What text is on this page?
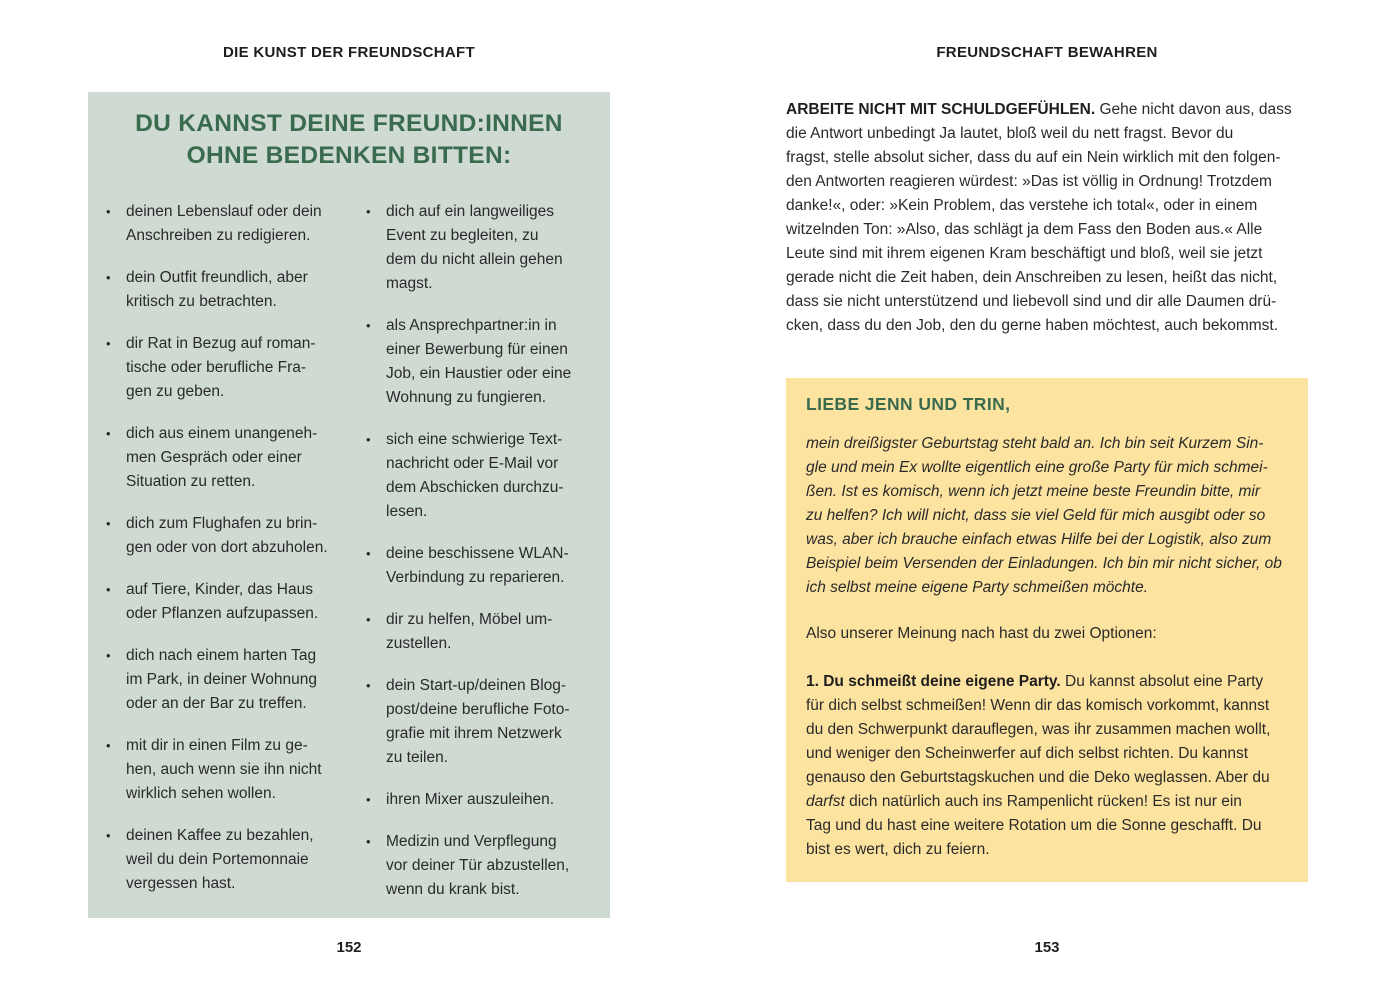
DIE KUNST DER FREUNDSCHAFT	FREUNDSCHAFT BEWAHREN
DU KANNST DEINE FREUND:INNEN
OHNE BEDENKEN BITTEN:
• deinen Lebenslauf oder dein
Anschreiben zu redigieren.
• dein Outfit freundlich, aber
kritisch zu betrachten.
• dir Rat in Bezug auf roman-
tische oder berufliche Fra-
gen zu geben.
• dich aus einem unangeneh-
men Gespräch oder einer
Situation zu retten.
• dich zum Flughafen zu brin-
gen oder von dort abzuholen.
• auf Tiere, Kinder, das Haus
oder Pflanzen aufzupassen.
• dich nach einem harten Tag
im Park, in deiner Wohnung
oder an der Bar zu treffen.
• mit dir in einen Film zu ge-
hen, auch wenn sie ihn nicht
wirklich sehen wollen.
• deinen Kaffee zu bezahlen,
weil du dein Portemonnaie
vergessen hast.
• dich auf ein langweiliges
Event zu begleiten, zu
dem du nicht allein gehen
magst.
• als Ansprechpartner:in in
einer Bewerbung für einen
Job, ein Haustier oder eine
Wohnung zu fungieren.
• sich eine schwierige Text-
nachricht oder E-Mail vor
dem Abschicken durchzu-
lesen.
• deine beschissene WLAN-
Verbindung zu reparieren.
• dir zu helfen, Möbel um-
zustellen.
• dein Start-up/deinen Blog-
post/deine berufliche Foto-
grafie mit ihrem Netzwerk
zu teilen.
• ihren Mixer auszuleihen.
• Medizin und Verpflegung
vor deiner Tür abzustellen,
wenn du krank bist.

ARBEITE NICHT MIT SCHULDGEFÜHLEN. Gehe nicht davon aus, dass
die Antwort unbedingt Ja lautet, bloß weil du nett fragst. Bevor du
fragst, stelle absolut sicher, dass du auf ein Nein wirklich mit den folgen-
den Antworten reagieren würdest: »Das ist völlig in Ordnung! Trotzdem
danke!«, oder: »Kein Problem, das verstehe ich total«, oder in einem
witzelnden Ton: »Also, das schlägt ja dem Fass den Boden aus.« Alle
Leute sind mit ihrem eigenen Kram beschäftigt und bloß, weil sie jetzt
gerade nicht die Zeit haben, dein Anschreiben zu lesen, heißt das nicht,
dass sie nicht unterstützend und liebevoll sind und dir alle Daumen drü-
cken, dass du den Job, den du gerne haben möchtest, auch bekommst.

LIEBE JENN UND TRIN,

mein dreißigster Geburtstag steht bald an. Ich bin seit Kurzem Sin-
gle und mein Ex wollte eigentlich eine große Party für mich schmei-
ßen. Ist es komisch, wenn ich jetzt meine beste Freundin bitte, mir
zu helfen? Ich will nicht, dass sie viel Geld für mich ausgibt oder so
was, aber ich brauche einfach etwas Hilfe bei der Logistik, also zum
Beispiel beim Versenden der Einladungen. Ich bin mir nicht sicher, ob
ich selbst meine eigene Party schmeißen möchte.

Also unserer Meinung nach hast du zwei Optionen:

1. Du schmeißt deine eigene Party. Du kannst absolut eine Party
für dich selbst schmeißen! Wenn dir das komisch vorkommt, kannst
du den Schwerpunkt darauflegen, was ihr zusammen machen wollt,
und weniger den Scheinwerfer auf dich selbst richten. Du kannst
genauso den Geburtstagskuchen und die Deko weglassen. Aber du
darfst dich natürlich auch ins Rampenlicht rücken! Es ist nur ein
Tag und du hast eine weitere Rotation um die Sonne geschafft. Du
bist es wert, dich zu feiern.

152	153
